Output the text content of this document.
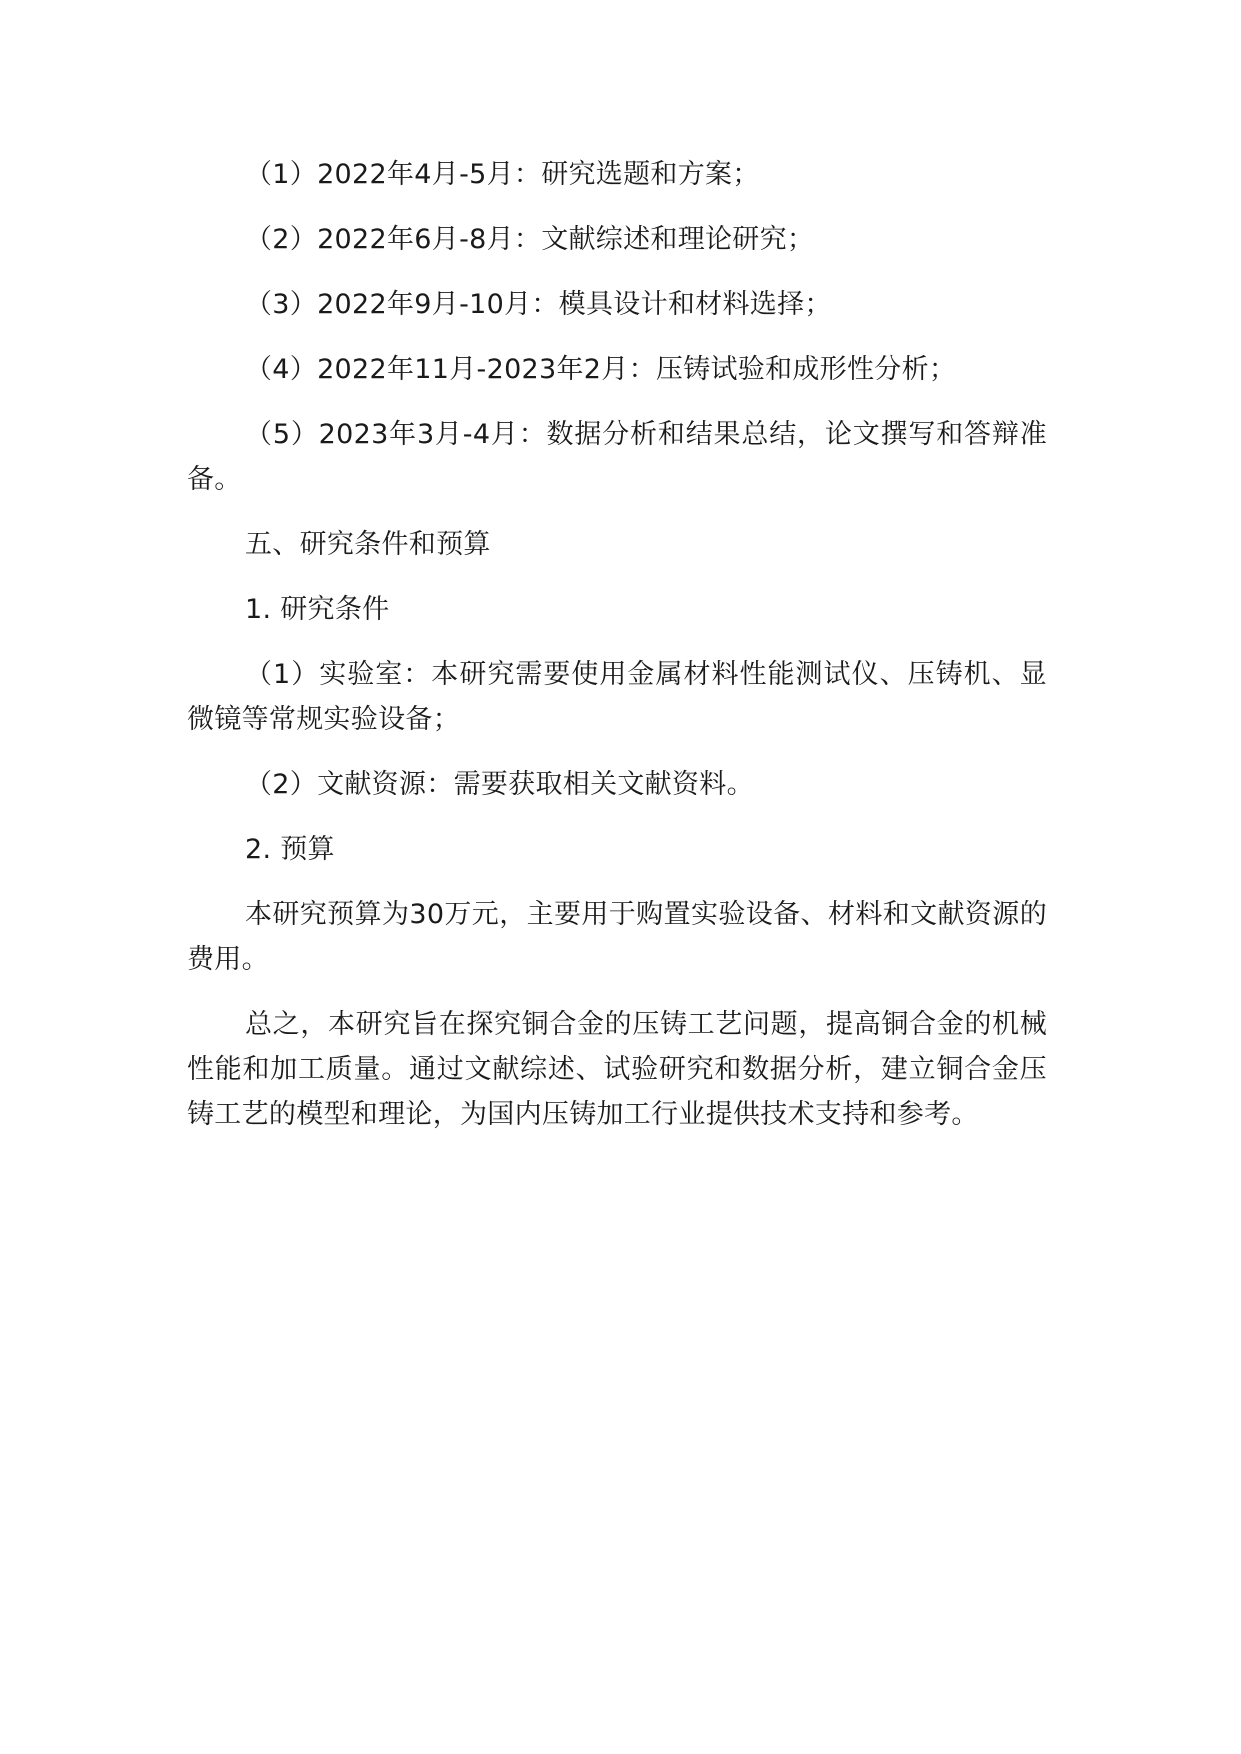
（1）2022年4月-5月：研究选题和方案；

（2）2022年6月-8月：文献综述和理论研究；

（3）2022年9月-10月：模具设计和材料选择；

（4）2022年11月-2023年2月：压铸试验和成形性分析；

（5）2023年3月-4月：数据分析和结果总结，论文撰写和答辩准备。

五、研究条件和预算

1. 研究条件

（1）实验室：本研究需要使用金属材料性能测试仪、压铸机、显微镜等常规实验设备；

（2）文献资源：需要获取相关文献资料。

2. 预算

本研究预算为30万元，主要用于购置实验设备、材料和文献资源的费用。

总之，本研究旨在探究铜合金的压铸工艺问题，提高铜合金的机械性能和加工质量。通过文献综述、试验研究和数据分析，建立铜合金压铸工艺的模型和理论，为国内压铸加工行业提供技术支持和参考。
